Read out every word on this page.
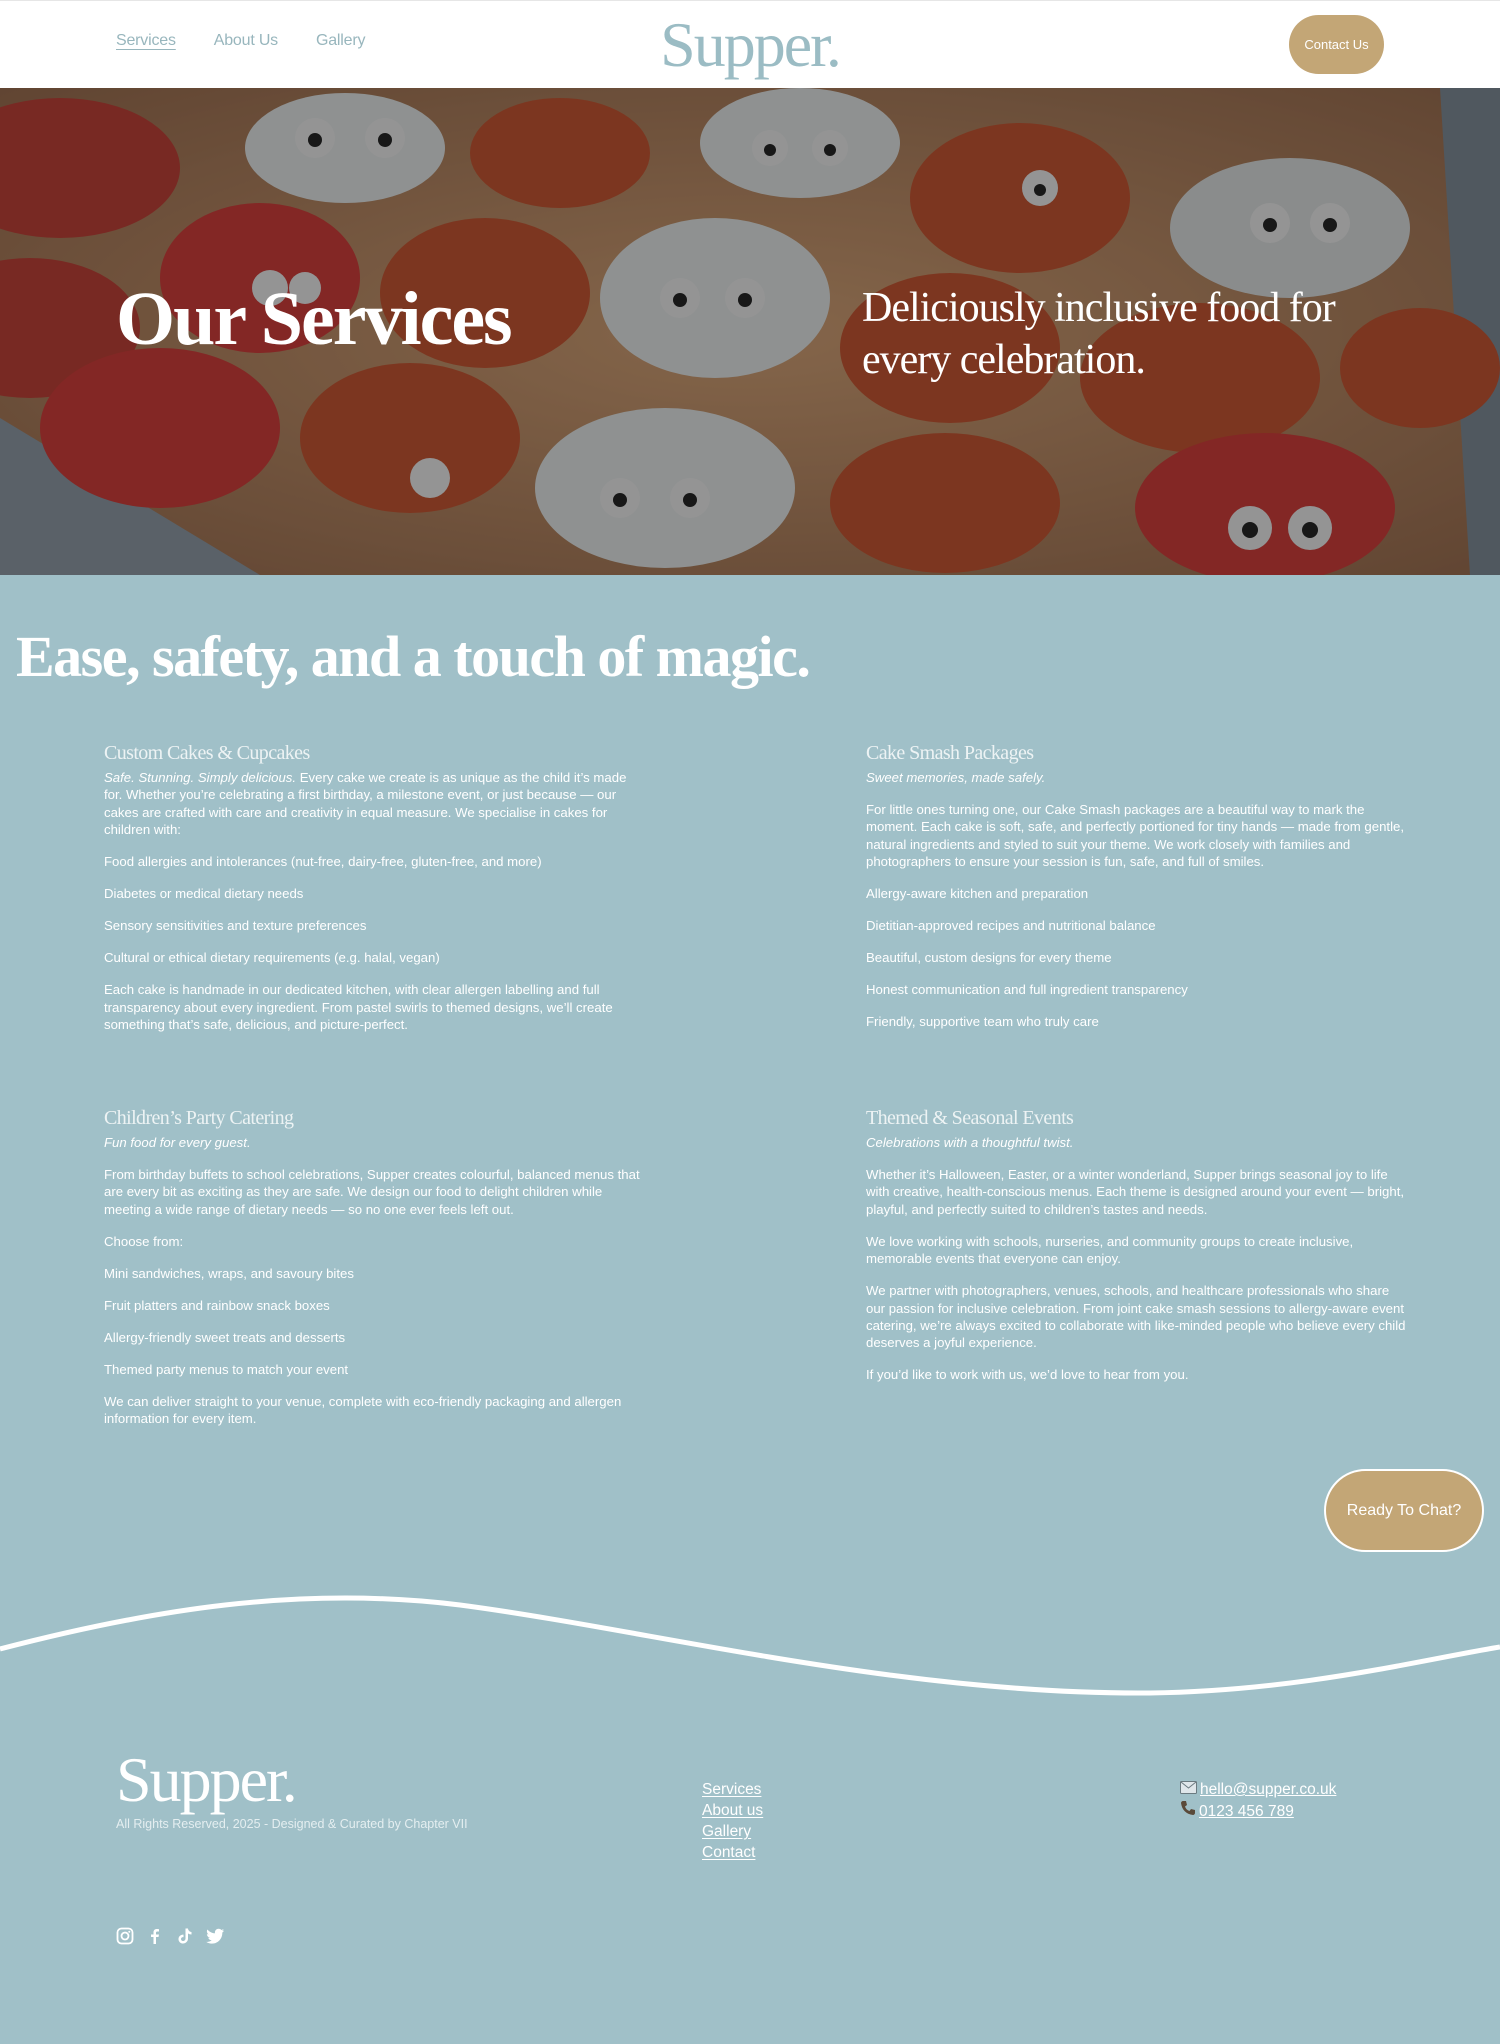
Services About Us Gallery	Supper.	Contact Us
Our Services	Deliciously inclusive food for every celebration.
Ease, safety, and a touch of magic.
Custom Cakes & Cupcakes

Safe. Stunning. Simply delicious. Every cake we create is as unique as the child it’s made for. Whether you’re celebrating a first birthday, a milestone event, or just because — our cakes are crafted with care and creativity in equal measure. We specialise in cakes for children with:

Food allergies and intolerances (nut-free, dairy-free, gluten-free, and more)

Diabetes or medical dietary needs

Sensory sensitivities and texture preferences

Cultural or ethical dietary requirements (e.g. halal, vegan)

Each cake is handmade in our dedicated kitchen, with clear allergen labelling and full transparency about every ingredient. From pastel swirls to themed designs, we’ll create something that’s safe, delicious, and picture-perfect.

Cake Smash Packages

Sweet memories, made safely.

For little ones turning one, our Cake Smash packages are a beautiful way to mark the moment. Each cake is soft, safe, and perfectly portioned for tiny hands — made from gentle, natural ingredients and styled to suit your theme. We work closely with families and photographers to ensure your session is fun, safe, and full of smiles.

Allergy-aware kitchen and preparation

Dietitian-approved recipes and nutritional balance

Beautiful, custom designs for every theme

Honest communication and full ingredient transparency

Friendly, supportive team who truly care

Children’s Party Catering

Fun food for every guest.

From birthday buffets to school celebrations, Supper creates colourful, balanced menus that are every bit as exciting as they are safe. We design our food to delight children while meeting a wide range of dietary needs — so no one ever feels left out.

Choose from:

Mini sandwiches, wraps, and savoury bites

Fruit platters and rainbow snack boxes

Allergy-friendly sweet treats and desserts

Themed party menus to match your event

We can deliver straight to your venue, complete with eco-friendly packaging and allergen information for every item.

Themed & Seasonal Events

Celebrations with a thoughtful twist.

Whether it’s Halloween, Easter, or a winter wonderland, Supper brings seasonal joy to life with creative, health-conscious menus. Each theme is designed around your event — bright, playful, and perfectly suited to children’s tastes and needs.

We love working with schools, nurseries, and community groups to create inclusive, memorable events that everyone can enjoy.

We partner with photographers, venues, schools, and healthcare professionals who share our passion for inclusive celebration. From joint cake smash sessions to allergy-aware event catering, we’re always excited to collaborate with like-minded people who believe every child deserves a joyful experience.

If you’d like to work with us, we’d love to hear from you.

Ready To Chat?
Supper.
All Rights Reserved, 2025 - Designed & Curated by Chapter VII
Services
About us
Gallery
Contact
hello@supper.co.uk
0123 456 789
